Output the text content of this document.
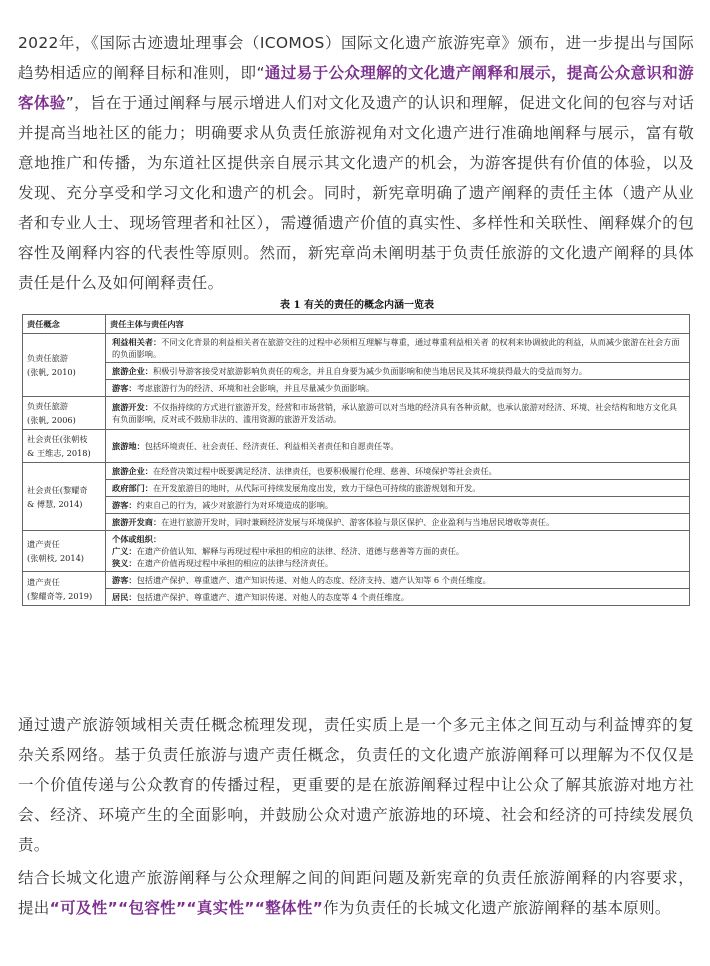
2022年，《国际古迹遗址理事会（ICOMOS）国际文化遗产旅游宪章》颁布，进一步提出与国际趋势相适应的阐释目标和准则，即“通过易于公众理解的文化遗产阐释和展示，提高公众意识和游客体验”，旨在于通过阐释与展示增进人们对文化及遗产的认识和理解，促进文化间的包容与对话并提高当地社区的能力；明确要求从负责任旅游视角对文化遗产进行准确地阐释与展示，富有敬意地推广和传播，为东道社区提供亲自展示其文化遗产的机会，为游客提供有价值的体验，以及发现、充分享受和学习文化和遗产的机会。同时，新宪章明确了遗产阐释的责任主体（遗产从业者和专业人士、现场管理者和社区），需遵循遗产价值的真实性、多样性和关联性、阐释媒介的包容性及阐释内容的代表性等原则。然而，新宪章尚未阐明基于负责任旅游的文化遗产阐释的具体责任是什么及如何阐释责任。

表 1 有关的责任的概念内涵一览表
责任概念	责任主体与责任内容

负责任旅游
(张帆, 2010)	利益相关者：不同文化背景的利益相关者在旅游交往的过程中必须相互理解与尊重，通过尊重利益相关者 的权利来协调彼此的利益，从而减少旅游在社会方面的负面影响。
	旅游企业：积极引导游客接受对旅游影响负责任的观念，并且自身要为减少负面影响和使当地居民及其环境获得最大的受益而努力。
	游客：考虑旅游行为的经济、环境和社会影响，并且尽量减少负面影响。

负责任旅游
(张帆, 2006)	旅游开发：不仅指持续的方式进行旅游开发，经营和市场营销，承认旅游可以对当地的经济具有各种贡献，也承认旅游对经济、环境、社会结构和地方文化具有负面影响，反对或不鼓励非法的、滥用资源的旅游开发活动。

社会责任(张朝枝
& 王维志, 2018)	旅游地：包括环境责任、社会责任、经济责任、利益相关者责任和自愿责任等。

社会责任(黎耀奇
& 傅慧, 2014)	旅游企业：在经营决策过程中既要满足经济、法律责任，也要积极履行伦理、慈善、环境保护等社会责任。
	政府部门：在开发旅游目的地时，从代际可持续发展角度出发，致力于绿色可持续的旅游规划和开发。
	游客：约束自己的行为，减少对旅游行为对环境造成的影响。
	旅游开发商：在进行旅游开发时，同时兼顾经济发展与环境保护、游客体验与景区保护、企业盈利与当地居民增收等责任。

遗产责任
(张朝枝, 2014)	个体或组织：
广义：在遗产价值认知、解释与再现过程中承担的相应的法律、经济、道德与慈善等方面的责任。
狭义：在遗产价值再现过程中承担的相应的法律与经济责任。

遗产责任
(黎耀奇等, 2019)	游客：包括遗产保护、尊重遗产、遗产知识传递、对他人的态度、经济支持、遗产认知等 6 个责任维度。
	居民：包括遗产保护、尊重遗产、遗产知识传递、对他人的态度等 4 个责任维度。

通过遗产旅游领域相关责任概念梳理发现，责任实质上是一个多元主体之间互动与利益博弈的复杂关系网络。基于负责任旅游与遗产责任概念，负责任的文化遗产旅游阐释可以理解为不仅仅是一个价值传递与公众教育的传播过程，更重要的是在旅游阐释过程中让公众了解其旅游对地方社会、经济、环境产生的全面影响，并鼓励公众对遗产旅游地的环境、社会和经济的可持续发展负责。

结合长城文化遗产旅游阐释与公众理解之间的间距问题及新宪章的负责任旅游阐释的内容要求，提出“可及性”“包容性”“真实性”“整体性”作为负责任的长城文化遗产旅游阐释的基本原则。
